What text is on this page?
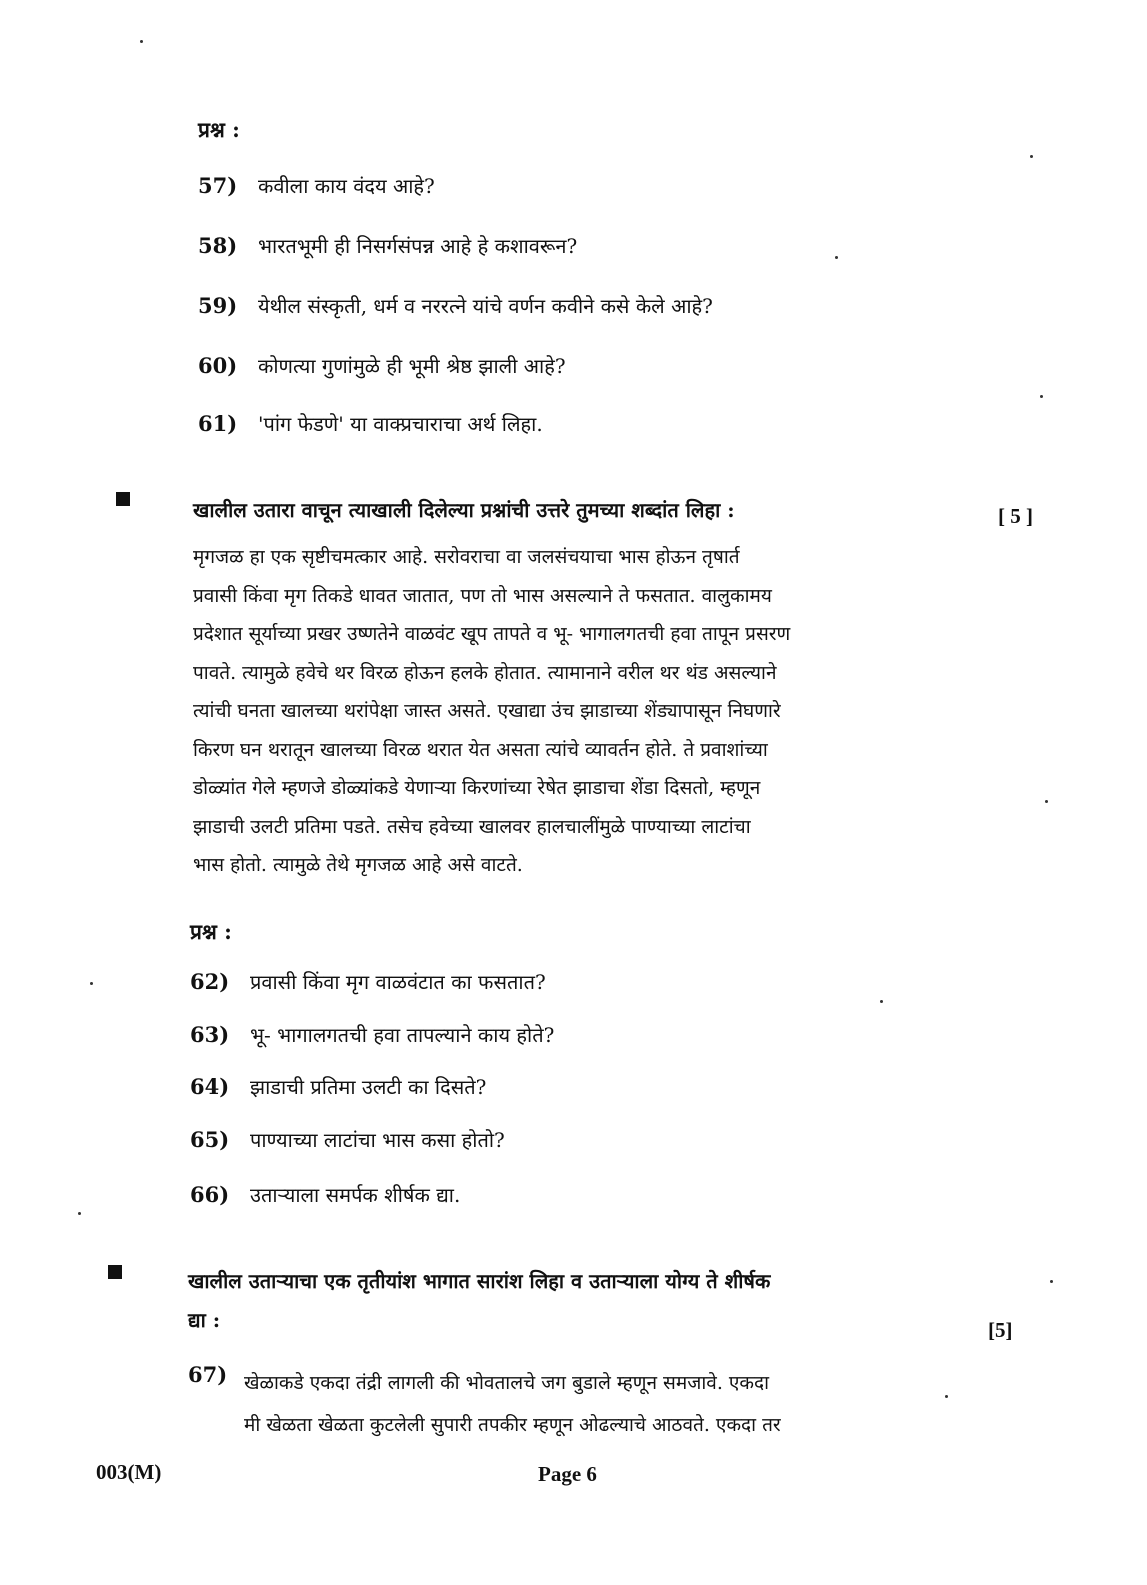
प्रश्न :
57)	कवीला काय वंदय आहे?
58)	भारतभूमी ही निसर्गसंपन्न आहे हे कशावरून?
59)	येथील संस्कृती, धर्म व नररत्ने यांचे वर्णन कवीने कसे केले आहे?
60)	कोणत्या गुणांमुळे ही भूमी श्रेष्ठ झाली आहे?
61)	'पांग फेडणे' या वाक्प्रचाराचा अर्थ लिहा.
खालील उतारा वाचून त्याखाली दिलेल्या प्रश्नांची उत्तरे तुमच्या शब्दांत लिहा :	[ 5 ]
मृगजळ हा एक सृष्टीचमत्कार आहे. सरोवराचा वा जलसंचयाचा भास होऊन तृषार्त
प्रवासी किंवा मृग तिकडे धावत जातात, पण तो भास असल्याने ते फसतात. वालुकामय
प्रदेशात सूर्याच्या प्रखर उष्णतेने वाळवंट खूप तापते व भू- भागालगतची हवा तापून प्रसरण
पावते. त्यामुळे हवेचे थर विरळ होऊन हलके होतात. त्यामानाने वरील थर थंड असल्याने
त्यांची घनता खालच्या थरांपेक्षा जास्त असते. एखाद्या उंच झाडाच्या शेंड्यापासून निघणारे
किरण घन थरातून खालच्या विरळ थरात येत असता त्यांचे व्यावर्तन होते. ते प्रवाशांच्या
डोळ्यांत गेले म्हणजे डोळ्यांकडे येणाऱ्या किरणांच्या रेषेत झाडाचा शेंडा दिसतो, म्हणून
झाडाची उलटी प्रतिमा पडते. तसेच हवेच्या खालवर हालचालींमुळे पाण्याच्या लाटांचा
भास होतो. त्यामुळे तेथे मृगजळ आहे असे वाटते.
प्रश्न :
62)	प्रवासी किंवा मृग वाळवंटात का फसतात?
63)	भू- भागालगतची हवा तापल्याने काय होते?
64)	झाडाची प्रतिमा उलटी का दिसते?
65)	पाण्याच्या लाटांचा भास कसा होतो?
66)	उताऱ्याला समर्पक शीर्षक द्या.
खालील उताऱ्याचा एक तृतीयांश भागात सारांश लिहा व उताऱ्याला योग्य ते शीर्षक
द्या :	[5]
67) खेळाकडे एकदा तंद्री लागली की भोवतालचे जग बुडाले म्हणून समजावे. एकदा
मी खेळता खेळता कुटलेली सुपारी तपकीर म्हणून ओढल्याचे आठवते. एकदा तर
003(M)	Page 6
